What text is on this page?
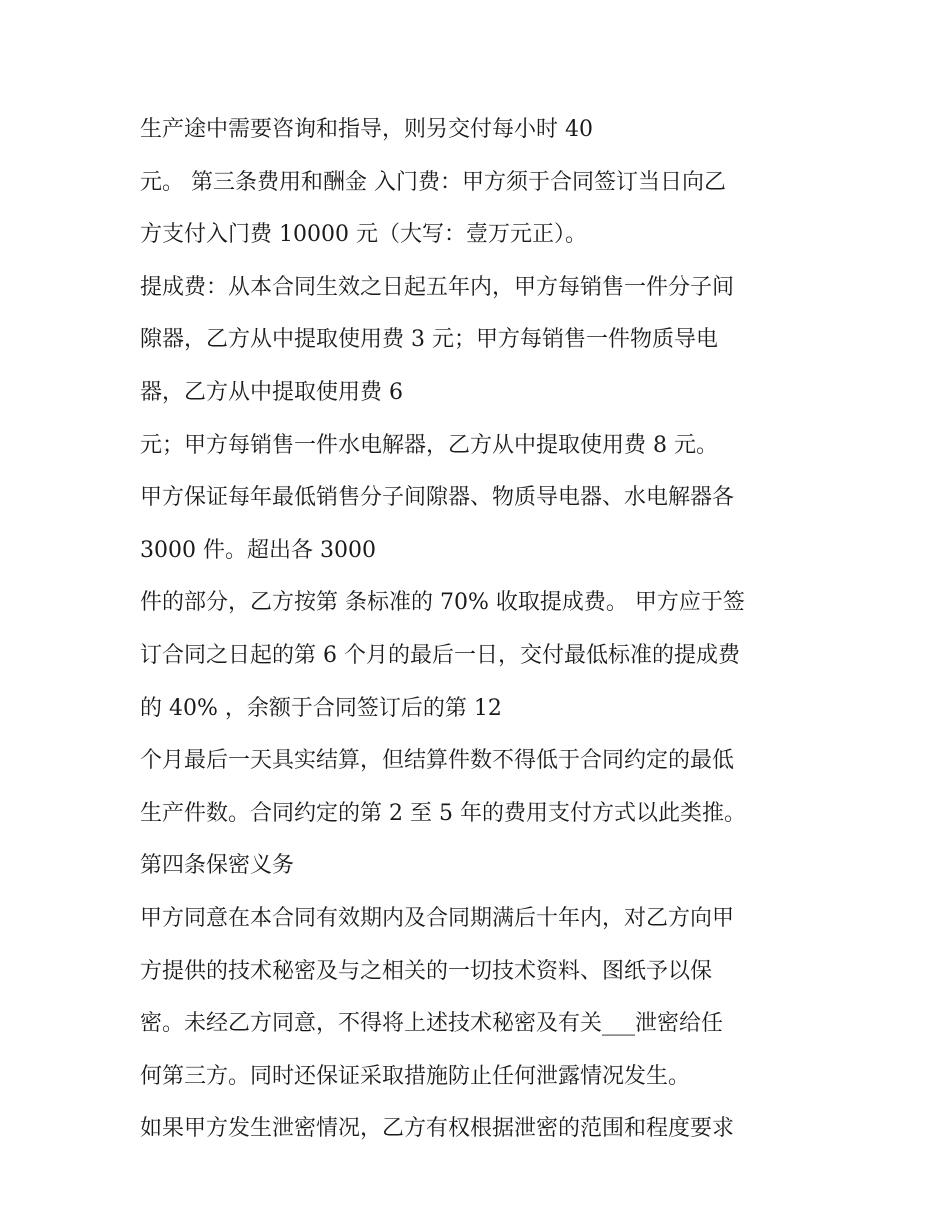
生产途中需要咨询和指导，则另交付每小时 40
元。 第三条费用和酬金 入门费：甲方须于合同签订当日向乙
方支付入门费 10000 元（大写：壹万元正）。
提成费：从本合同生效之日起五年内，甲方每销售一件分子间
隙器，乙方从中提取使用费 3 元；甲方每销售一件物质导电
器，乙方从中提取使用费 6
元；甲方每销售一件水电解器，乙方从中提取使用费 8 元。
甲方保证每年最低销售分子间隙器、物质导电器、水电解器各
3000 件。超出各 3000
件的部分，乙方按第 条标准的 70% 收取提成费。 甲方应于签
订合同之日起的第 6 个月的最后一日，交付最低标准的提成费
的 40% ，余额于合同签订后的第 12
个月最后一天具实结算，但结算件数不得低于合同约定的最低
生产件数。合同约定的第 2 至 5 年的费用支付方式以此类推。
第四条保密义务
甲方同意在本合同有效期内及合同期满后十年内，对乙方向甲
方提供的技术秘密及与之相关的一切技术资料、图纸予以保
密。未经乙方同意，不得将上述技术秘密及有关___泄密给任
何第三方。同时还保证采取措施防止任何泄露情况发生。
如果甲方发生泄密情况，乙方有权根据泄密的范围和程度要求
